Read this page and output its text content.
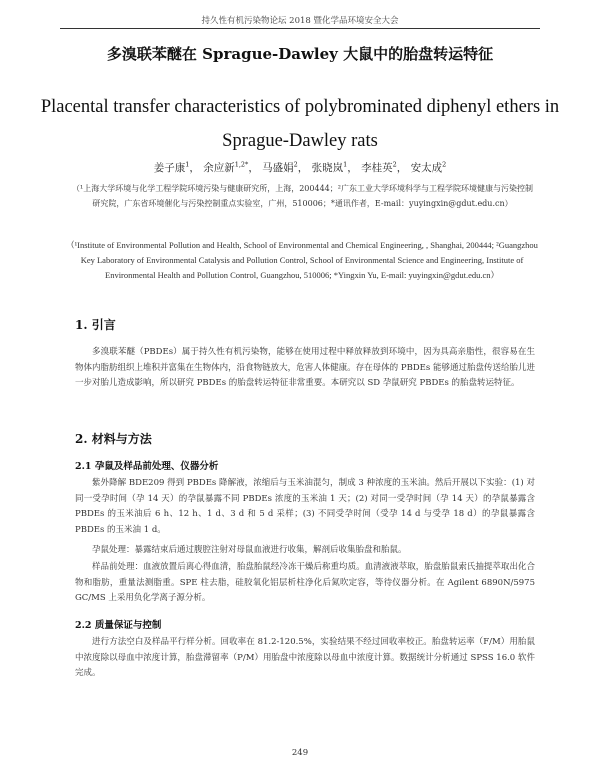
持久性有机污染物论坛 2018 暨化学品环境安全大会
多溴联苯醚在 Sprague-Dawley 大鼠中的胎盘转运特征
Placental transfer characteristics of polybrominated diphenyl ethers in Sprague-Dawley rats
姜子康$^1$， 余应新$^{1,2*}$， 马盛娟$^2$， 张晓岚$^1$， 李桂英$^2$， 安太成$^2$
（¹上海大学环境与化学工程学院环境污染与健康研究所，上海，200444；²广东工业大学环境科学与工程学院环境健康与污染控制研究院，广东省环境催化与污染控制重点实验室，广州，510006；*通讯作者，E-mail：yuyingxin@gdut.edu.cn）
（¹Institute of Environmental Pollution and Health, School of Environmental and Chemical Engineering, , Shanghai, 200444; ²Guangzhou Key Laboratory of Environmental Catalysis and Pollution Control, School of Environmental Science and Engineering, Institute of Environmental Health and Pollution Control, Guangzhou, 510006; *Yingxin Yu, E-mail: yuyingxin@gdut.edu.cn）
1. 引言
多溴联苯醚（PBDEs）属于持久性有机污染物，能够在使用过程中释放释放到环境中，因为具高亲脂性，很容易在生物体内脂肪组织上堆积并富集在生物体内，沿食物链放大，危害人体健康。存在母体的 PBDEs 能够通过胎盘传送给胎儿进一步对胎儿造成影响，所以研究 PBDEs 的胎盘转运特征非常重要。本研究以 SD 孕鼠研究 PBDEs 的胎盘转运特征。
2. 材料与方法
2.1 孕鼠及样品前处理、仪器分析
紫外降解 BDE209 得到 PBDEs 降解液，浓缩后与玉米油混匀，制成 3 种浓度的玉米油。然后开展以下实验：(1) 对同一受孕时间（孕 14 天）的孕鼠暴露不同 PBDEs 浓度的玉米油 1 天；(2) 对同一受孕时间（孕 14 天）的孕鼠暴露含 PBDEs 的玉米油后 6 h、12 h、1 d、3 d 和 5 d 采样；(3) 不同受孕时间（受孕 14 d 与受孕 18 d）的孕鼠暴露含 PBDEs 的玉米油 1 d。
孕鼠处理：暴露结束后通过腹腔注射对母鼠血液进行收集，解剖后收集胎盘和胎鼠。
样品前处理：血液放置后离心得血清，胎盘胎鼠经冷冻干燥后称重均质。血清液液萃取，胎盘胎鼠索氏抽提萃取出化合物和脂肪，重量法测脂重。SPE 柱去脂，硅胶氧化铝层析柱净化后氮吹定容，等待仪器分析。在 Agilent 6890N/5975 GC/MS 上采用负化学离子源分析。
2.2 质量保证与控制
进行方法空白及样品平行样分析。回收率在 81.2-120.5%，实验结果不经过回收率校正。胎盘转运率（F/M）用胎鼠中浓度除以母血中浓度计算，胎盘滞留率（P/M）用胎盘中浓度除以母血中浓度计算。数据统计分析通过 SPSS 16.0 软件完成。
249
